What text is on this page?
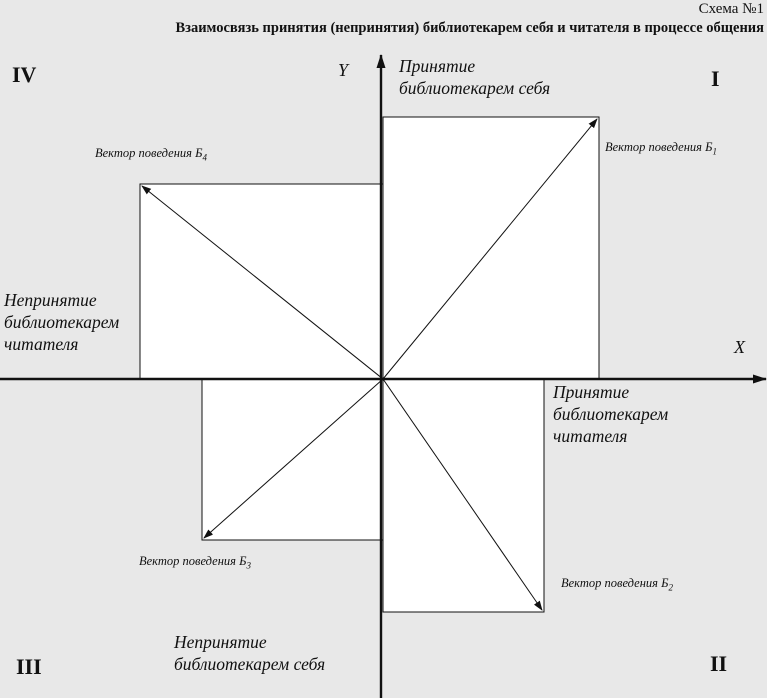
Схема №1
Взаимосвязь принятия (непринятия) библиотекарем себя и читателя в процессе общения
IV	I
III	II
Y
X
Принятие
библиотекарем себя
Непринятие
библиотекарем
читателя
Принятие
библиотекарем
читателя
Непринятие
библиотекарем себя
Вектор поведения $Б_1$
Вектор поведения $Б_4$
Вектор поведения $Б_3$
Вектор поведения $Б_2$
